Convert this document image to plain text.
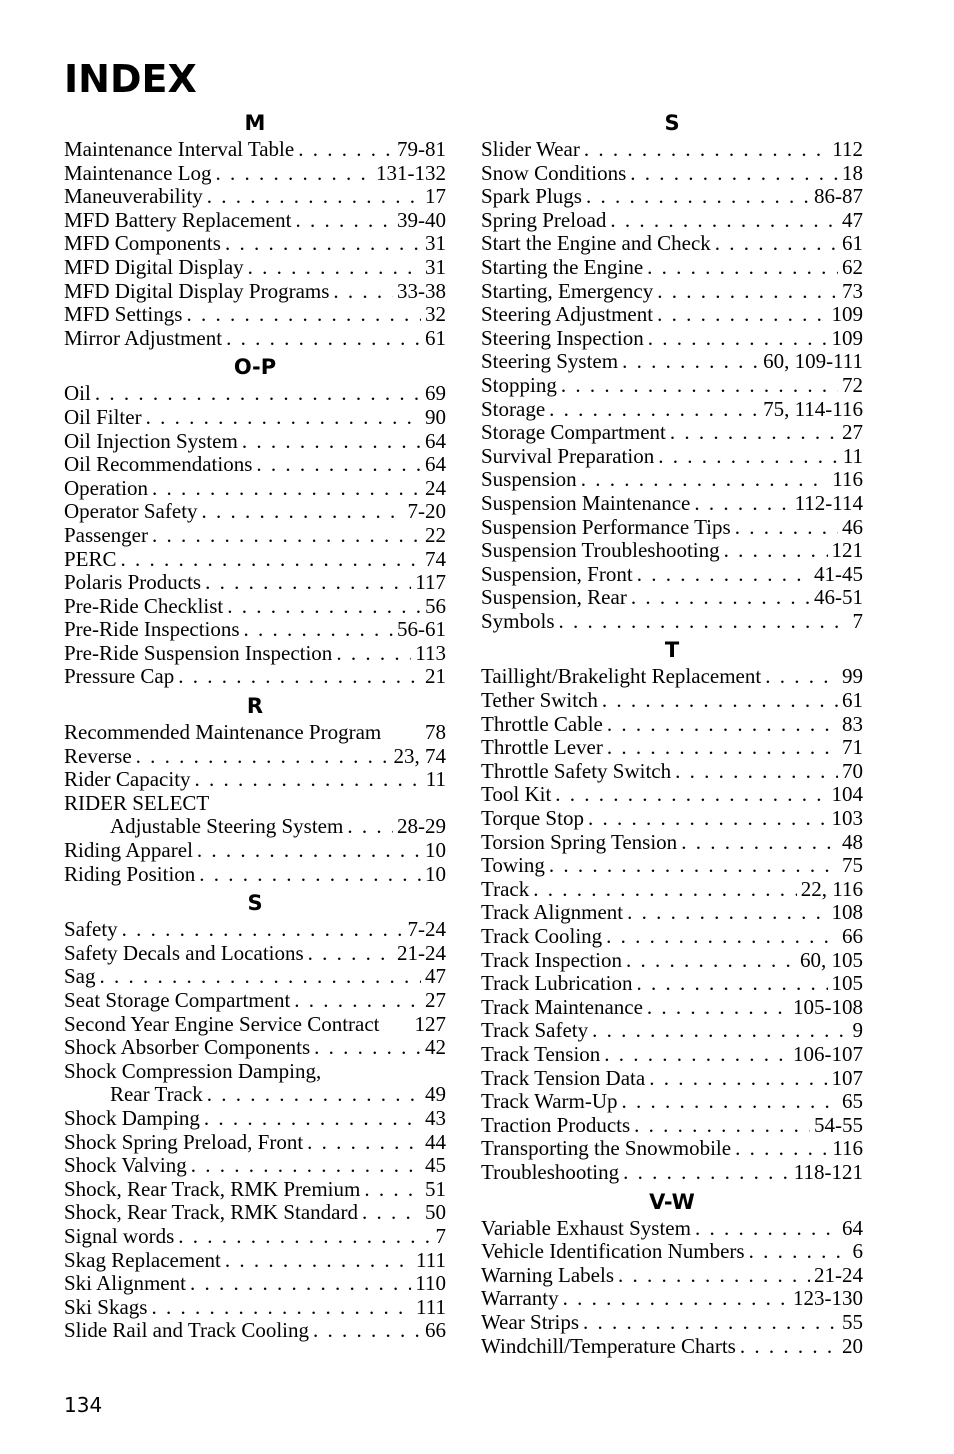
INDEX
M
Maintenance Interval Table . . .	79-81
Maintenance Log . . .	131-132
Maneuverability . . .	17
MFD Battery Replacement . . .	39-40
MFD Components . . .	31
MFD Digital Display . . .	31
MFD Digital Display Programs . . .	33-38
MFD Settings . . .	32
Mirror Adjustment . . .	61
O-P
Oil . . .	69
Oil Filter . . .	90
Oil Injection System . . .	64
Oil Recommendations . . .	64
Operation . . .	24
Operator Safety . . .	7-20
Passenger . . .	22
PERC . . .	74
Polaris Products . . .	117
Pre-Ride Checklist . . .	56
Pre-Ride Inspections . . .	56-61
Pre-Ride Suspension Inspection . . .	113
Pressure Cap . . .	21
R
Recommended Maintenance Program 78
Reverse . . .	23, 74
Rider Capacity . . .	11
RIDER SELECT
Adjustable Steering System . . .	28-29
Riding Apparel . . .	10
Riding Position . . .	10
S
Safety . . .	7-24
Safety Decals and Locations . . .	21-24
Sag . . .	47
Seat Storage Compartment . . .	27
Second Year Engine Service Contract 127
Shock Absorber Components . . .	42
Shock Compression Damping,
Rear Track . . .	49
Shock Damping . . .	43
Shock Spring Preload, Front . . .	44
Shock Valving . . .	45
Shock, Rear Track, RMK Premium . . .	51
Shock, Rear Track, RMK Standard . . .	50
Signal words . . .	7
Skag Replacement . . .	111
Ski Alignment . . .	110
Ski Skags . . .	111
Slide Rail and Track Cooling . . .	66
S
Slider Wear . . .	112
Snow Conditions . . .	18
Spark Plugs . . .	86-87
Spring Preload . . .	47
Start the Engine and Check . . .	61
Starting the Engine . . .	62
Starting, Emergency . . .	73
Steering Adjustment . . .	109
Steering Inspection . . .	109
Steering System . . .	60, 109-111
Stopping . . .	72
Storage . . .	75, 114-116
Storage Compartment . . .	27
Survival Preparation . . .	11
Suspension . . .	116
Suspension Maintenance . . .	112-114
Suspension Performance Tips . . .	46
Suspension Troubleshooting . . .	121
Suspension, Front . . .	41-45
Suspension, Rear . . .	46-51
Symbols . . .	7
T
Taillight/Brakelight Replacement . . .	99
Tether Switch . . .	61
Throttle Cable . . .	83
Throttle Lever . . .	71
Throttle Safety Switch . . .	70
Tool Kit . . .	104
Torque Stop . . .	103
Torsion Spring Tension . . .	48
Towing . . .	75
Track . . .	22, 116
Track Alignment . . .	108
Track Cooling . . .	66
Track Inspection . . .	60, 105
Track Lubrication . . .	105
Track Maintenance . . .	105-108
Track Safety . . .	9
Track Tension . . .	106-107
Track Tension Data . . .	107
Track Warm-Up . . .	65
Traction Products . . .	54-55
Transporting the Snowmobile . . .	116
Troubleshooting . . .	118-121
V-W
Variable Exhaust System . . .	64
Vehicle Identification Numbers . . .	6
Warning Labels . . .	21-24
Warranty . . .	123-130
Wear Strips . . .	55
Windchill/Temperature Charts . . .	20
134
